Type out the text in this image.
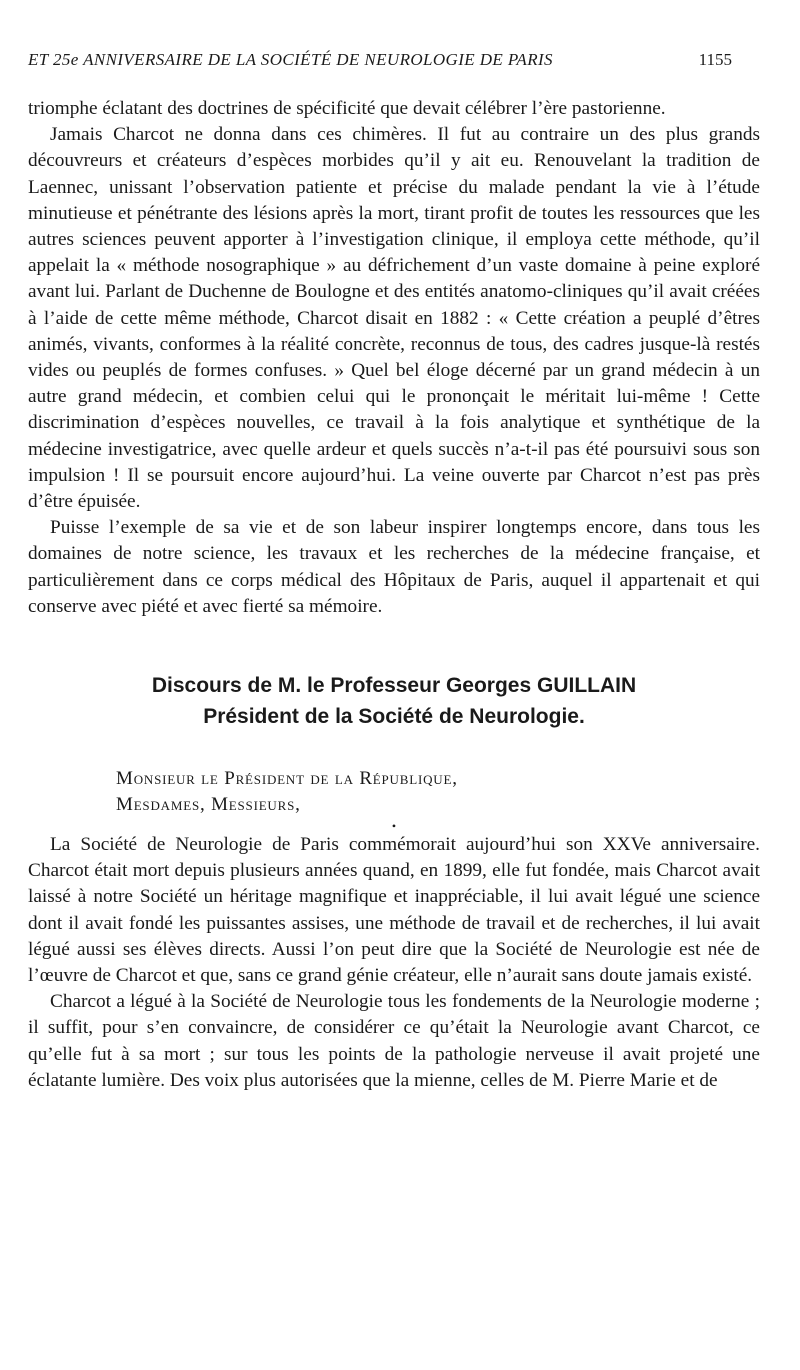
ET 25e ANNIVERSAIRE DE LA SOCIÉTÉ DE NEUROLOGIE DE PARIS	1155

triomphe éclatant des doctrines de spécificité que devait célébrer l’ère pastorienne.

Jamais Charcot ne donna dans ces chimères. Il fut au contraire un des plus grands découvreurs et créateurs d’espèces morbides qu’il y ait eu. Renouvelant la tradition de Laennec, unissant l’observation patiente et précise du malade pendant la vie à l’étude minutieuse et pénétrante des lésions après la mort, tirant profit de toutes les ressources que les autres sciences peuvent apporter à l’investigation clinique, il employa cette méthode, qu’il appelait la « méthode nosographique » au défrichement d’un vaste domaine à peine exploré avant lui. Parlant de Duchenne de Boulogne et des entités anatomo-cliniques qu’il avait créées à l’aide de cette même méthode, Charcot disait en 1882 : « Cette création a peuplé d’êtres animés, vivants, conformes à la réalité concrète, reconnus de tous, des cadres jusque-là restés vides ou peuplés de formes confuses. » Quel bel éloge décerné par un grand médecin à un autre grand médecin, et combien celui qui le prononçait le méritait lui-même ! Cette discrimination d’espèces nouvelles, ce travail à la fois analytique et synthétique de la médecine investigatrice, avec quelle ardeur et quels succès n’a-t-il pas été poursuivi sous son impulsion ! Il se poursuit encore aujourd’hui. La veine ouverte par Charcot n’est pas près d’être épuisée.

Puisse l’exemple de sa vie et de son labeur inspirer longtemps encore, dans tous les domaines de notre science, les travaux et les recherches de la médecine française, et particulièrement dans ce corps médical des Hôpitaux de Paris, auquel il appartenait et qui conserve avec piété et avec fierté sa mémoire.

Discours de M. le Professeur Georges GUILLAIN
Président de la Société de Neurologie.
Monsieur le Président de la République,
Mesdames, Messieurs,
•

La Société de Neurologie de Paris commémorait aujourd’hui son XXVe anniversaire. Charcot était mort depuis plusieurs années quand, en 1899, elle fut fondée, mais Charcot avait laissé à notre Société un héritage magnifique et inappréciable, il lui avait légué une science dont il avait fondé les puissantes assises, une méthode de travail et de recherches, il lui avait légué aussi ses élèves directs. Aussi l’on peut dire que la Société de Neurologie est née de l’œuvre de Charcot et que, sans ce grand génie créateur, elle n’aurait sans doute jamais existé.

Charcot a légué à la Société de Neurologie tous les fondements de la Neurologie moderne ; il suffit, pour s’en convaincre, de considérer ce qu’était la Neurologie avant Charcot, ce qu’elle fut à sa mort ; sur tous les points de la pathologie nerveuse il avait projeté une éclatante lumière. Des voix plus autorisées que la mienne, celles de M. Pierre Marie et de
